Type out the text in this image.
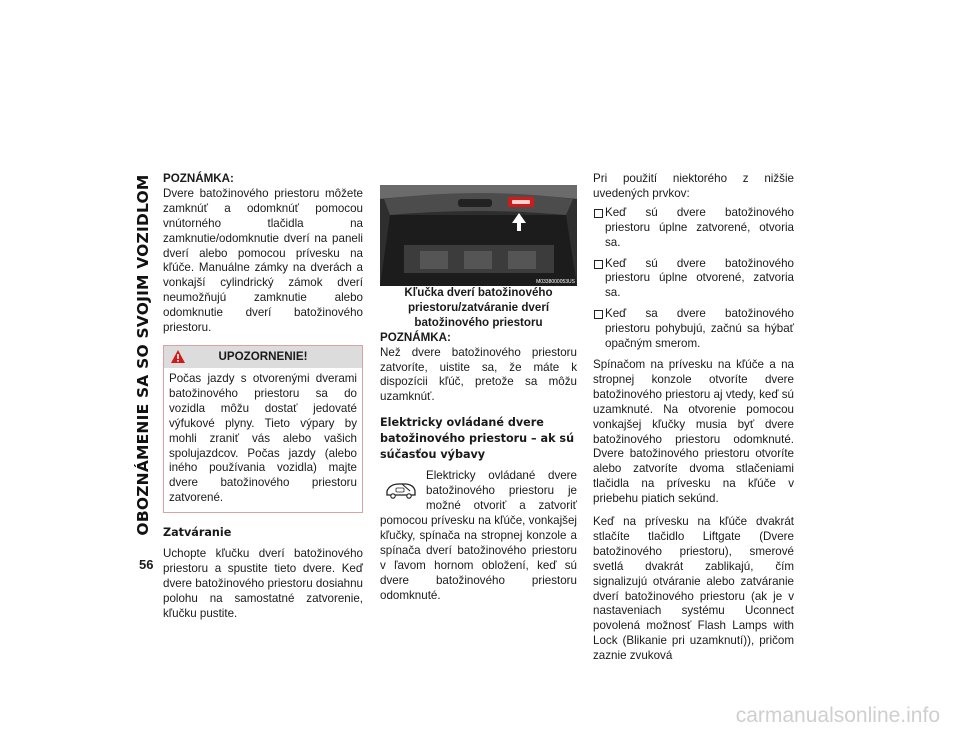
OBOZNÁMENIE SA SO SVOJIM VOZIDLOM
56

POZNÁMKA:

Dvere batožinového priestoru môžete zamknúť a odomknúť pomocou vnútorného tlačidla na zamknutie/odomknutie dverí na paneli dverí alebo pomocou prívesku na kľúče. Manuálne zámky na dverách a vonkajší cylindrický zámok dverí neumožňujú zamknutie alebo odomknutie dverí batožinového priestoru.

UPOZORNENIE!
Počas jazdy s otvorenými dverami batožinového priestoru sa do vozidla môžu dostať jedovaté výfukové plyny. Tieto výpary by mohli zraniť vás alebo vašich spolujazdcov. Počas jazdy (alebo iného používania vozidla) majte dvere batožinového priestoru zatvorené.
Zatváranie

Uchopte kľučku dverí batožinového priestoru a spustite tieto dvere. Keď dvere batožinového priestoru dosiahnu polohu na samostatné zatvorenie, kľučku pustite.

M0338000053US

Kľučka dverí batožinového priestoru/zatváranie dverí batožinového priestoru

POZNÁMKA:

Než dvere batožinového priestoru zatvoríte, uistite sa, že máte k dispozícii kľúč, pretože sa môžu uzamknúť.

Elektricky ovládané dvere batožinového priestoru – ak sú súčasťou výbavy

Elektricky ovládané dvere batožinového priestoru je možné otvoriť a zatvoriť pomocou prívesku na kľúče, vonkajšej kľučky, spínača na stropnej konzole a spínača dverí batožinového priestoru v ľavom hornom obložení, keď sú dvere batožinového priestoru odomknuté.

Pri použití niektorého z nižšie uvedených prvkov:

Keď sú dvere batožinového priestoru úplne zatvorené, otvoria sa.
Keď sú dvere batožinového priestoru úplne otvorené, zatvoria sa.
Keď sa dvere batožinového priestoru pohybujú, začnú sa hýbať opačným smerom.

Spínačom na prívesku na kľúče a na stropnej konzole otvoríte dvere batožinového priestoru aj vtedy, keď sú uzamknuté. Na otvorenie pomocou vonkajšej kľučky musia byť dvere batožinového priestoru odomknuté. Dvere batožinového priestoru otvoríte alebo zatvoríte dvoma stlačeniami tlačidla na prívesku na kľúče v priebehu piatich sekúnd.

Keď na prívesku na kľúče dvakrát stlačíte tlačidlo Liftgate (Dvere batožinového priestoru), smerové svetlá dvakrát zablikajú, čím signalizujú otváranie alebo zatváranie dverí batožinového priestoru (ak je v nastaveniach systému Uconnect povolená možnosť Flash Lamps with Lock (Blikanie pri uzamknutí)), pričom zaznie zvuková

carmanualsonline.info
